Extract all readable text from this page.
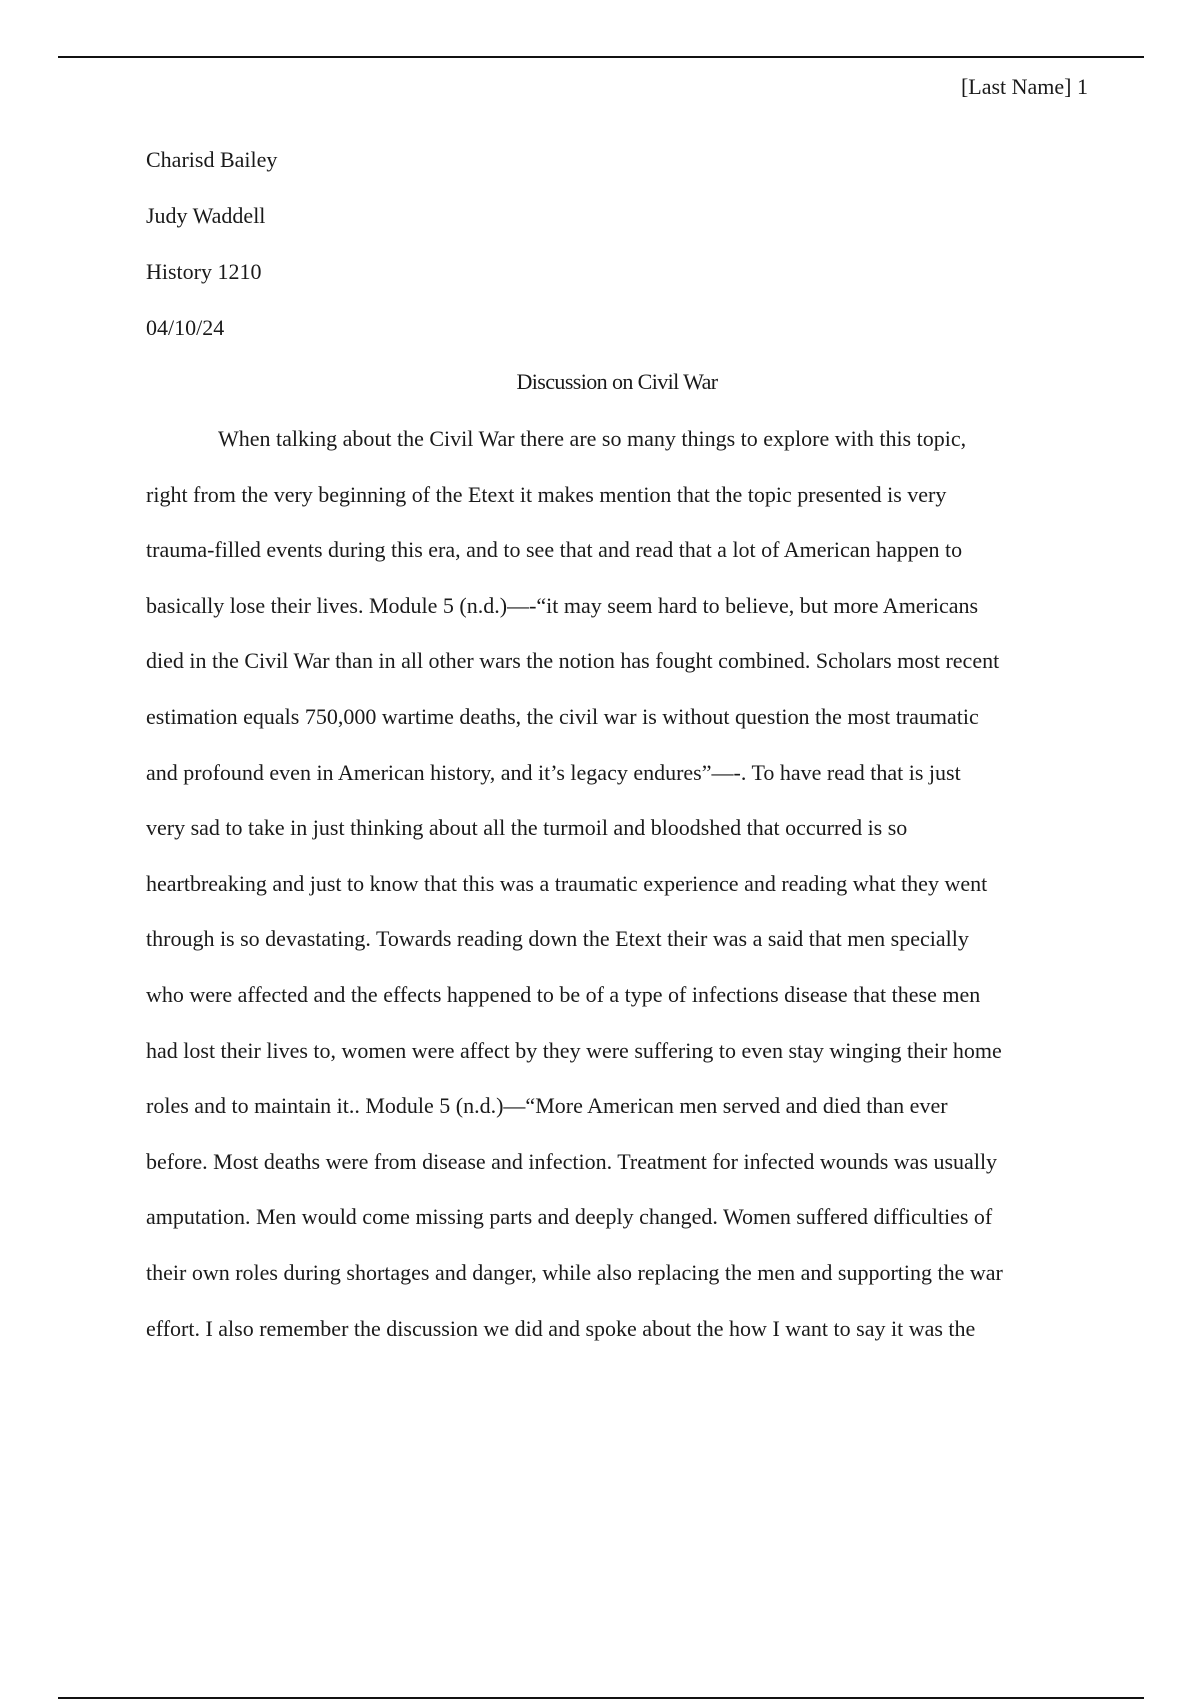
[Last Name] 1
Charisd Bailey
Judy Waddell
History 1210
04/10/24
Discussion on Civil War
When talking about the Civil War there are so many things to explore with this topic,
right from the very beginning of the Etext it makes mention that the topic presented is very
trauma-filled events during this era, and to see that and read that a lot of American happen to
basically lose their lives. Module 5 (n.d.)—-“it may seem hard to believe, but more Americans
died in the Civil War than in all other wars the notion has fought combined. Scholars most recent
estimation equals 750,000 wartime deaths, the civil war is without question the most traumatic
and profound even in American history, and it’s legacy endures”—-. To have read that is just
very sad to take in just thinking about all the turmoil and bloodshed that occurred is so
heartbreaking and just to know that this was a traumatic experience and reading what they went
through is so devastating. Towards reading down the Etext their was a said that men specially
who were affected and the effects happened to be of a type of infections disease that these men
had lost their lives to, women were affect by they were suffering to even stay winging their home
roles and to maintain it.. Module 5 (n.d.)—“More American men served and died than ever
before. Most deaths were from disease and infection. Treatment for infected wounds was usually
amputation. Men would come missing parts and deeply changed. Women suffered difficulties of
their own roles during shortages and danger, while also replacing the men and supporting the war
effort. I also remember the discussion we did and spoke about the how I want to say it was the
